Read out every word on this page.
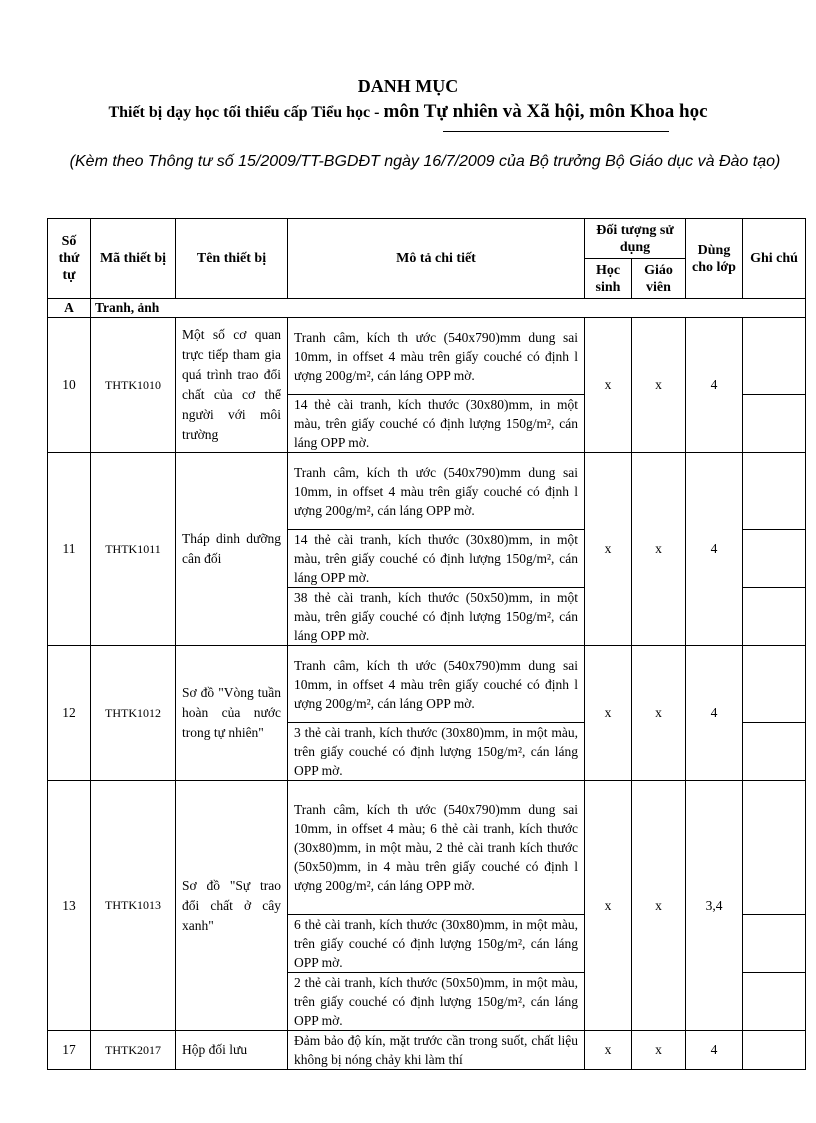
DANH MỤC
Thiết bị dạy học tối thiểu cấp Tiểu học - môn Tự nhiên và Xã hội, môn Khoa học
(Kèm theo Thông tư số 15/2009/TT-BGDĐT ngày 16/7/2009 của Bộ trưởng Bộ Giáo dục và Đào tạo)
Số thứ tự	Mã thiết bị	Tên thiết bị	Mô tả chi tiết	Đối tượng sử dụng		Dùng cho lớp	Ghi chú
				Học sinh	Giáo viên		
A	Tranh, ảnh						
10	THTK1010	Một số cơ quan trực tiếp tham gia quá trình trao đổi chất của cơ thể người với môi trường	Tranh câm, kích th ước (540x790)mm dung sai 10mm, in offset 4 màu trên giấy couché có định l ượng 200g/m², cán láng OPP mờ.	x	x	4	
			14 thẻ cài tranh, kích thước (30x80)mm, in một màu, trên giấy couché có định lượng 150g/m², cán láng OPP mờ.				
11	THTK1011	Tháp dinh dưỡng cân đối	Tranh câm, kích th ước (540x790)mm dung sai 10mm, in offset 4 màu trên giấy couché có định l ượng 200g/m², cán láng OPP mờ.	x	x	4	
			14 thẻ cài tranh, kích thước (30x80)mm, in một màu, trên giấy couché có định lượng 150g/m², cán láng OPP mờ.				
			38 thẻ cài tranh, kích thước (50x50)mm, in một màu, trên giấy couché có định lượng 150g/m², cán láng OPP mờ.				
12	THTK1012	Sơ đồ "Vòng tuần hoàn của nước trong tự nhiên"	Tranh câm, kích th ước (540x790)mm dung sai 10mm, in offset 4 màu trên giấy couché có định l ượng 200g/m², cán láng OPP mờ.	x	x	4	
			3 thẻ cài tranh, kích thước (30x80)mm, in một màu, trên giấy couché có định lượng 150g/m², cán láng OPP mờ.				
13	THTK1013	Sơ đồ "Sự trao đổi chất ở cây xanh"	Tranh câm, kích th ước (540x790)mm dung sai 10mm, in offset 4 màu; 6 thẻ cài tranh, kích thước (30x80)mm, in một màu, 2 thẻ cài tranh kích thước (50x50)mm, in 4 màu trên giấy couché có định l ượng 200g/m², cán láng OPP mờ.	x	x	3,4	
			6 thẻ cài tranh, kích thước (30x80)mm, in một màu, trên giấy couché có định lượng 150g/m², cán láng OPP mờ.				
			2 thẻ cài tranh, kích thước (50x50)mm, in một màu, trên giấy couché có định lượng 150g/m², cán láng OPP mờ.				
17	THTK2017	Hộp đối lưu	Đảm bảo độ kín, mặt trước cần trong suốt, chất liệu không bị nóng chảy khi làm thí	x	x	4	
